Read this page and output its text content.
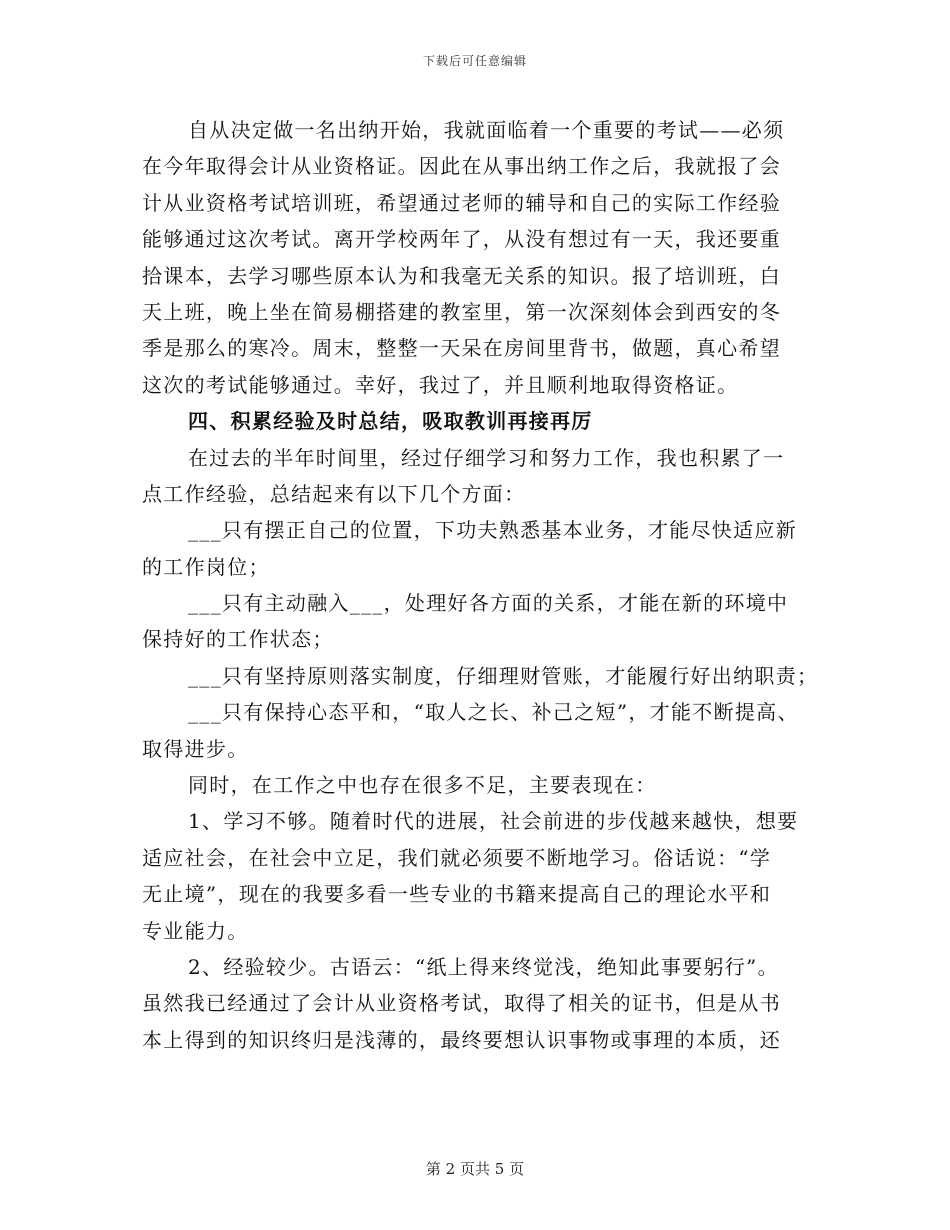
下载后可任意编辑
自从决定做一名出纳开始，我就面临着一个重要的考试——必须
在今年取得会计从业资格证。因此在从事出纳工作之后，我就报了会
计从业资格考试培训班，希望通过老师的辅导和自己的实际工作经验
能够通过这次考试。离开学校两年了，从没有想过有一天，我还要重
拾课本，去学习哪些原本认为和我毫无关系的知识。报了培训班，白
天上班，晚上坐在简易棚搭建的教室里，第一次深刻体会到西安的冬
季是那么的寒冷。周末，整整一天呆在房间里背书，做题，真心希望
这次的考试能够通过。幸好，我过了，并且顺利地取得资格证。
四、积累经验及时总结，吸取教训再接再厉
在过去的半年时间里，经过仔细学习和努力工作，我也积累了一
点工作经验，总结起来有以下几个方面：
___只有摆正自己的位置，下功夫熟悉基本业务，才能尽快适应新
的工作岗位；
___只有主动融入___，处理好各方面的关系，才能在新的环境中
保持好的工作状态；
___只有坚持原则落实制度，仔细理财管账，才能履行好出纳职责；
___只有保持心态平和，“取人之长、补己之短”，才能不断提高、
取得进步。
同时，在工作之中也存在很多不足，主要表现在：
1、学习不够。随着时代的进展，社会前进的步伐越来越快，想要
适应社会，在社会中立足，我们就必须要不断地学习。俗话说：“学
无止境”，现在的我要多看一些专业的书籍来提高自己的理论水平和
专业能力。
2、经验较少。古语云：“纸上得来终觉浅，绝知此事要躬行”。
虽然我已经通过了会计从业资格考试，取得了相关的证书，但是从书
本上得到的知识终归是浅薄的，最终要想认识事物或事理的本质，还
第 2 页共 5 页
